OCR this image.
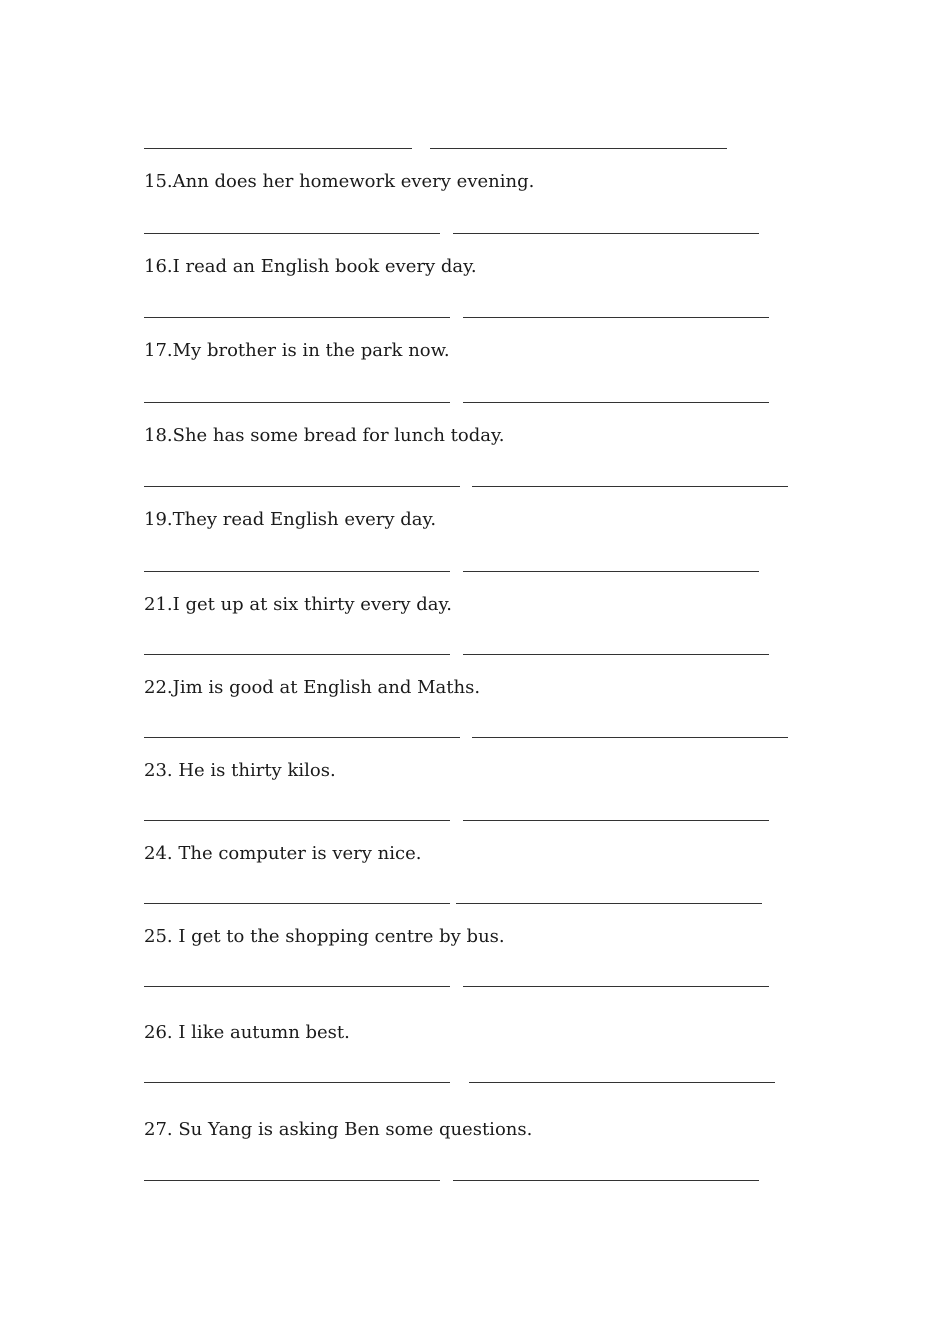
15.Ann does her homework every evening.
16.I read an English book every day.
17.My brother is in the park now.
18.She has some bread for lunch today.
19.They read English every day.
21.I get up at six thirty every day.
22.Jim is good at English and Maths.
23. He is thirty kilos.
24. The computer is very nice.
25. I get to the shopping centre by bus.
26. I like autumn best.
27. Su Yang is asking Ben some questions.
